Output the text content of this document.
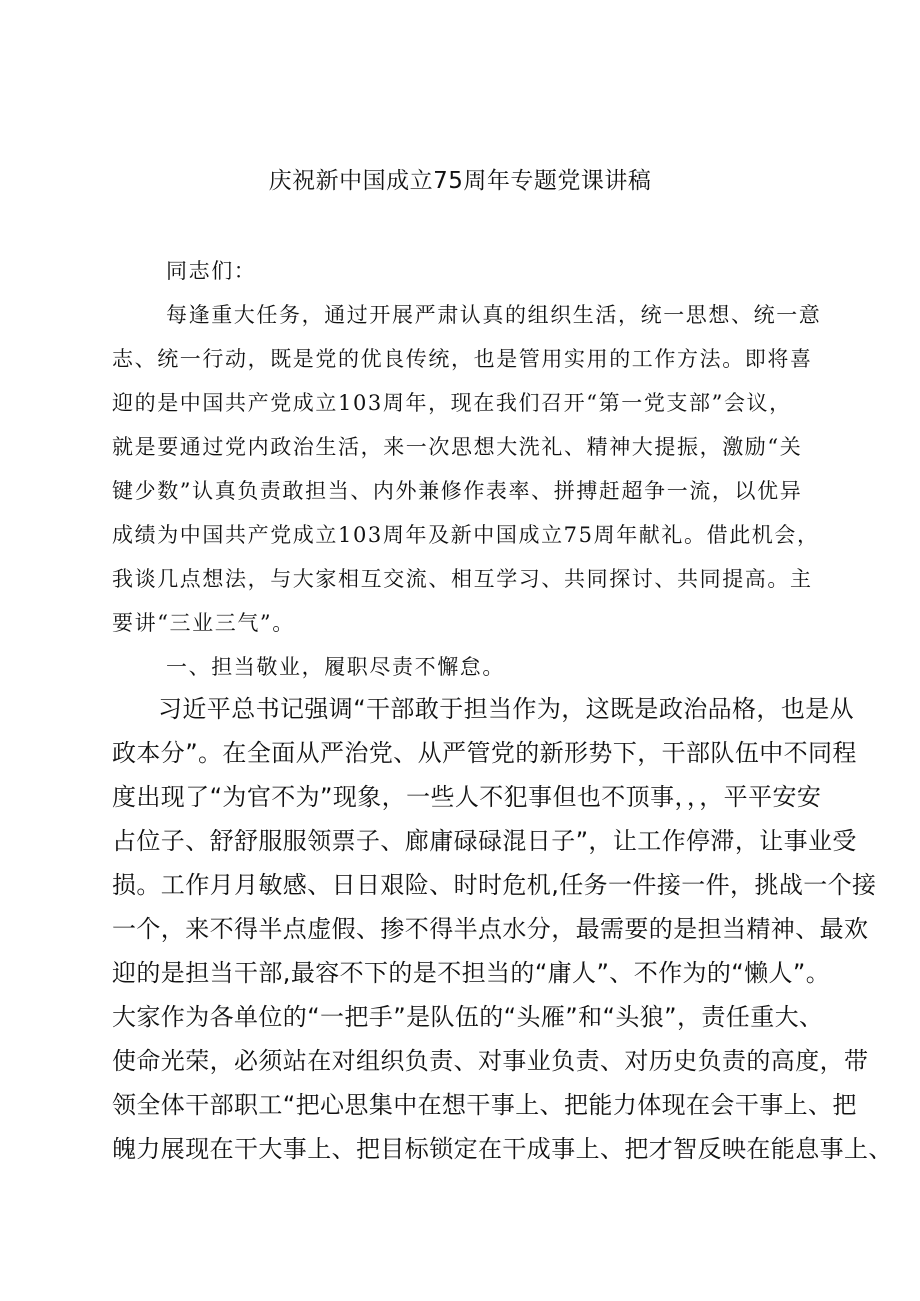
庆祝新中国成立75周年专题党课讲稿
同志们：
每逢重大任务，通过开展严肃认真的组织生活，统一思想、统一意
志、统一行动，既是党的优良传统，也是管用实用的工作方法。即将喜
迎的是中国共产党成立103周年，现在我们召开“第一党支部”会议，
就是要通过党内政治生活，来一次思想大洗礼、精神大提振，激励“关
键少数”认真负责敢担当、内外兼修作表率、拼搏赶超争一流，以优异
成绩为中国共产党成立103周年及新中国成立75周年献礼。借此机会，
我谈几点想法，与大家相互交流、相互学习、共同探讨、共同提高。主
要讲“三业三气”。
一、担当敬业，履职尽责不懈怠。
习近平总书记强调“干部敢于担当作为，这既是政治品格，也是从
政本分”。在全面从严治党、从严管党的新形势下，干部队伍中不同程
度出现了“为官不为”现象，一些人不犯事但也不顶事，，，平平安安
占位子、舒舒服服领票子、廊庸碌碌混日子”，让工作停滞，让事业受
损。工作月月敏感、日日艰险、时时危机,任务一件接一件，挑战一个接
一个，来不得半点虚假、掺不得半点水分，最需要的是担当精神、最欢
迎的是担当干部,最容不下的是不担当的“庸人”、不作为的“懒人”。
大家作为各单位的“一把手”是队伍的“头雁”和“头狼”，责任重大、
使命光荣，必须站在对组织负责、对事业负责、对历史负责的高度，带
领全体干部职工“把心思集中在想干事上、把能力体现在会干事上、把
魄力展现在干大事上、把目标锁定在干成事上、把才智反映在能息事上、
